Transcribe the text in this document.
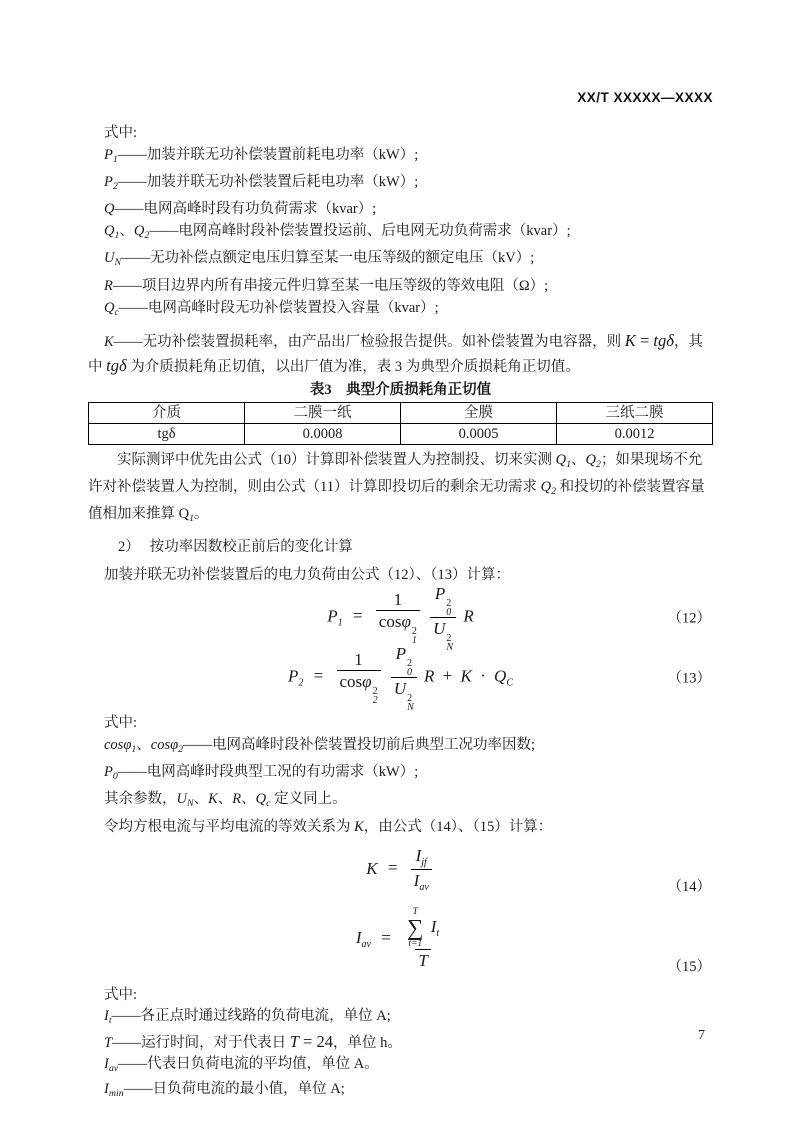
XX/T XXXXX—XXXX

式中:

$P_1——$加装并联无功补偿装置前耗电功率（kW）;

$P_2——$加装并联无功补偿装置后耗电功率（kW）;

Q——电网高峰时段有功负荷需求（kvar）;

$Q_1$、$Q_2——$电网高峰时段补偿装置投运前、后电网无功负荷需求（kvar）;

$U_N——$无功补偿点额定电压归算至某一电压等级的额定电压（kV）;

R——项目边界内所有串接元件归算至某一电压等级的等效电阻（Ω）;

$Q_c——$电网高峰时段无功补偿装置投入容量（kvar）;

K——无功补偿装置损耗率，由产品出厂检验报告提供。如补偿装置为电容器，则 K = tgδ，其中 tgδ 为介质损耗角正切值，以出厂值为准，表 3 为典型介质损耗角正切值。

表3　典型介质损耗角正切值
介质	二膜一纸	全膜	三纸二膜
tgδ	0.0008	0.0005	0.0012

实际测评中优先由公式（10）计算即补偿装置人为控制投、切来实测 $Q_1$、$Q_2$；如果现场不允许对补偿装置人为控制，则由公式（11）计算即投切后的剩余无功需求 $Q_2$ 和投切的补偿装置容量值相加来推算 $Q_1$。

2） 按功率因数校正前后的变化计算

加装并联无功补偿装置后的电力负荷由公式（12）、（13）计算：

$P_1 = 1$
cosφ
2
1
P
2
0
U
2
N R	（12）
$P_2 = 1$
cosφ
2
2
P
2
0
U
2
N $R + K \cdot Q_C$	（13）

式中:

cosφ$_1$、cosφ$_2$——电网高峰时段补偿装置投切前后典型工况功率因数;

$P_0——$电网高峰时段典型工况的有功需求（kW）;

其余参数，$U_N$、K、R、$Q_c$ 定义同上。

令均方根电流与平均电流的等效关系为 K，由公式（14）、（15）计算：

$K = \frac{I_{jf}}{I_{av}}$	（14）
$I_{av}$ =
T
∑
t=1
$I_t$
T	（15）

式中:

$I_t——$各正点时通过线路的负荷电流，单位 A;

T——运行时间，对于代表日 T = 24，单位 h。

$I_{av}——$代表日负荷电流的平均值，单位 A。

$I_{min}——$日负荷电流的最小值，单位 A;

7
